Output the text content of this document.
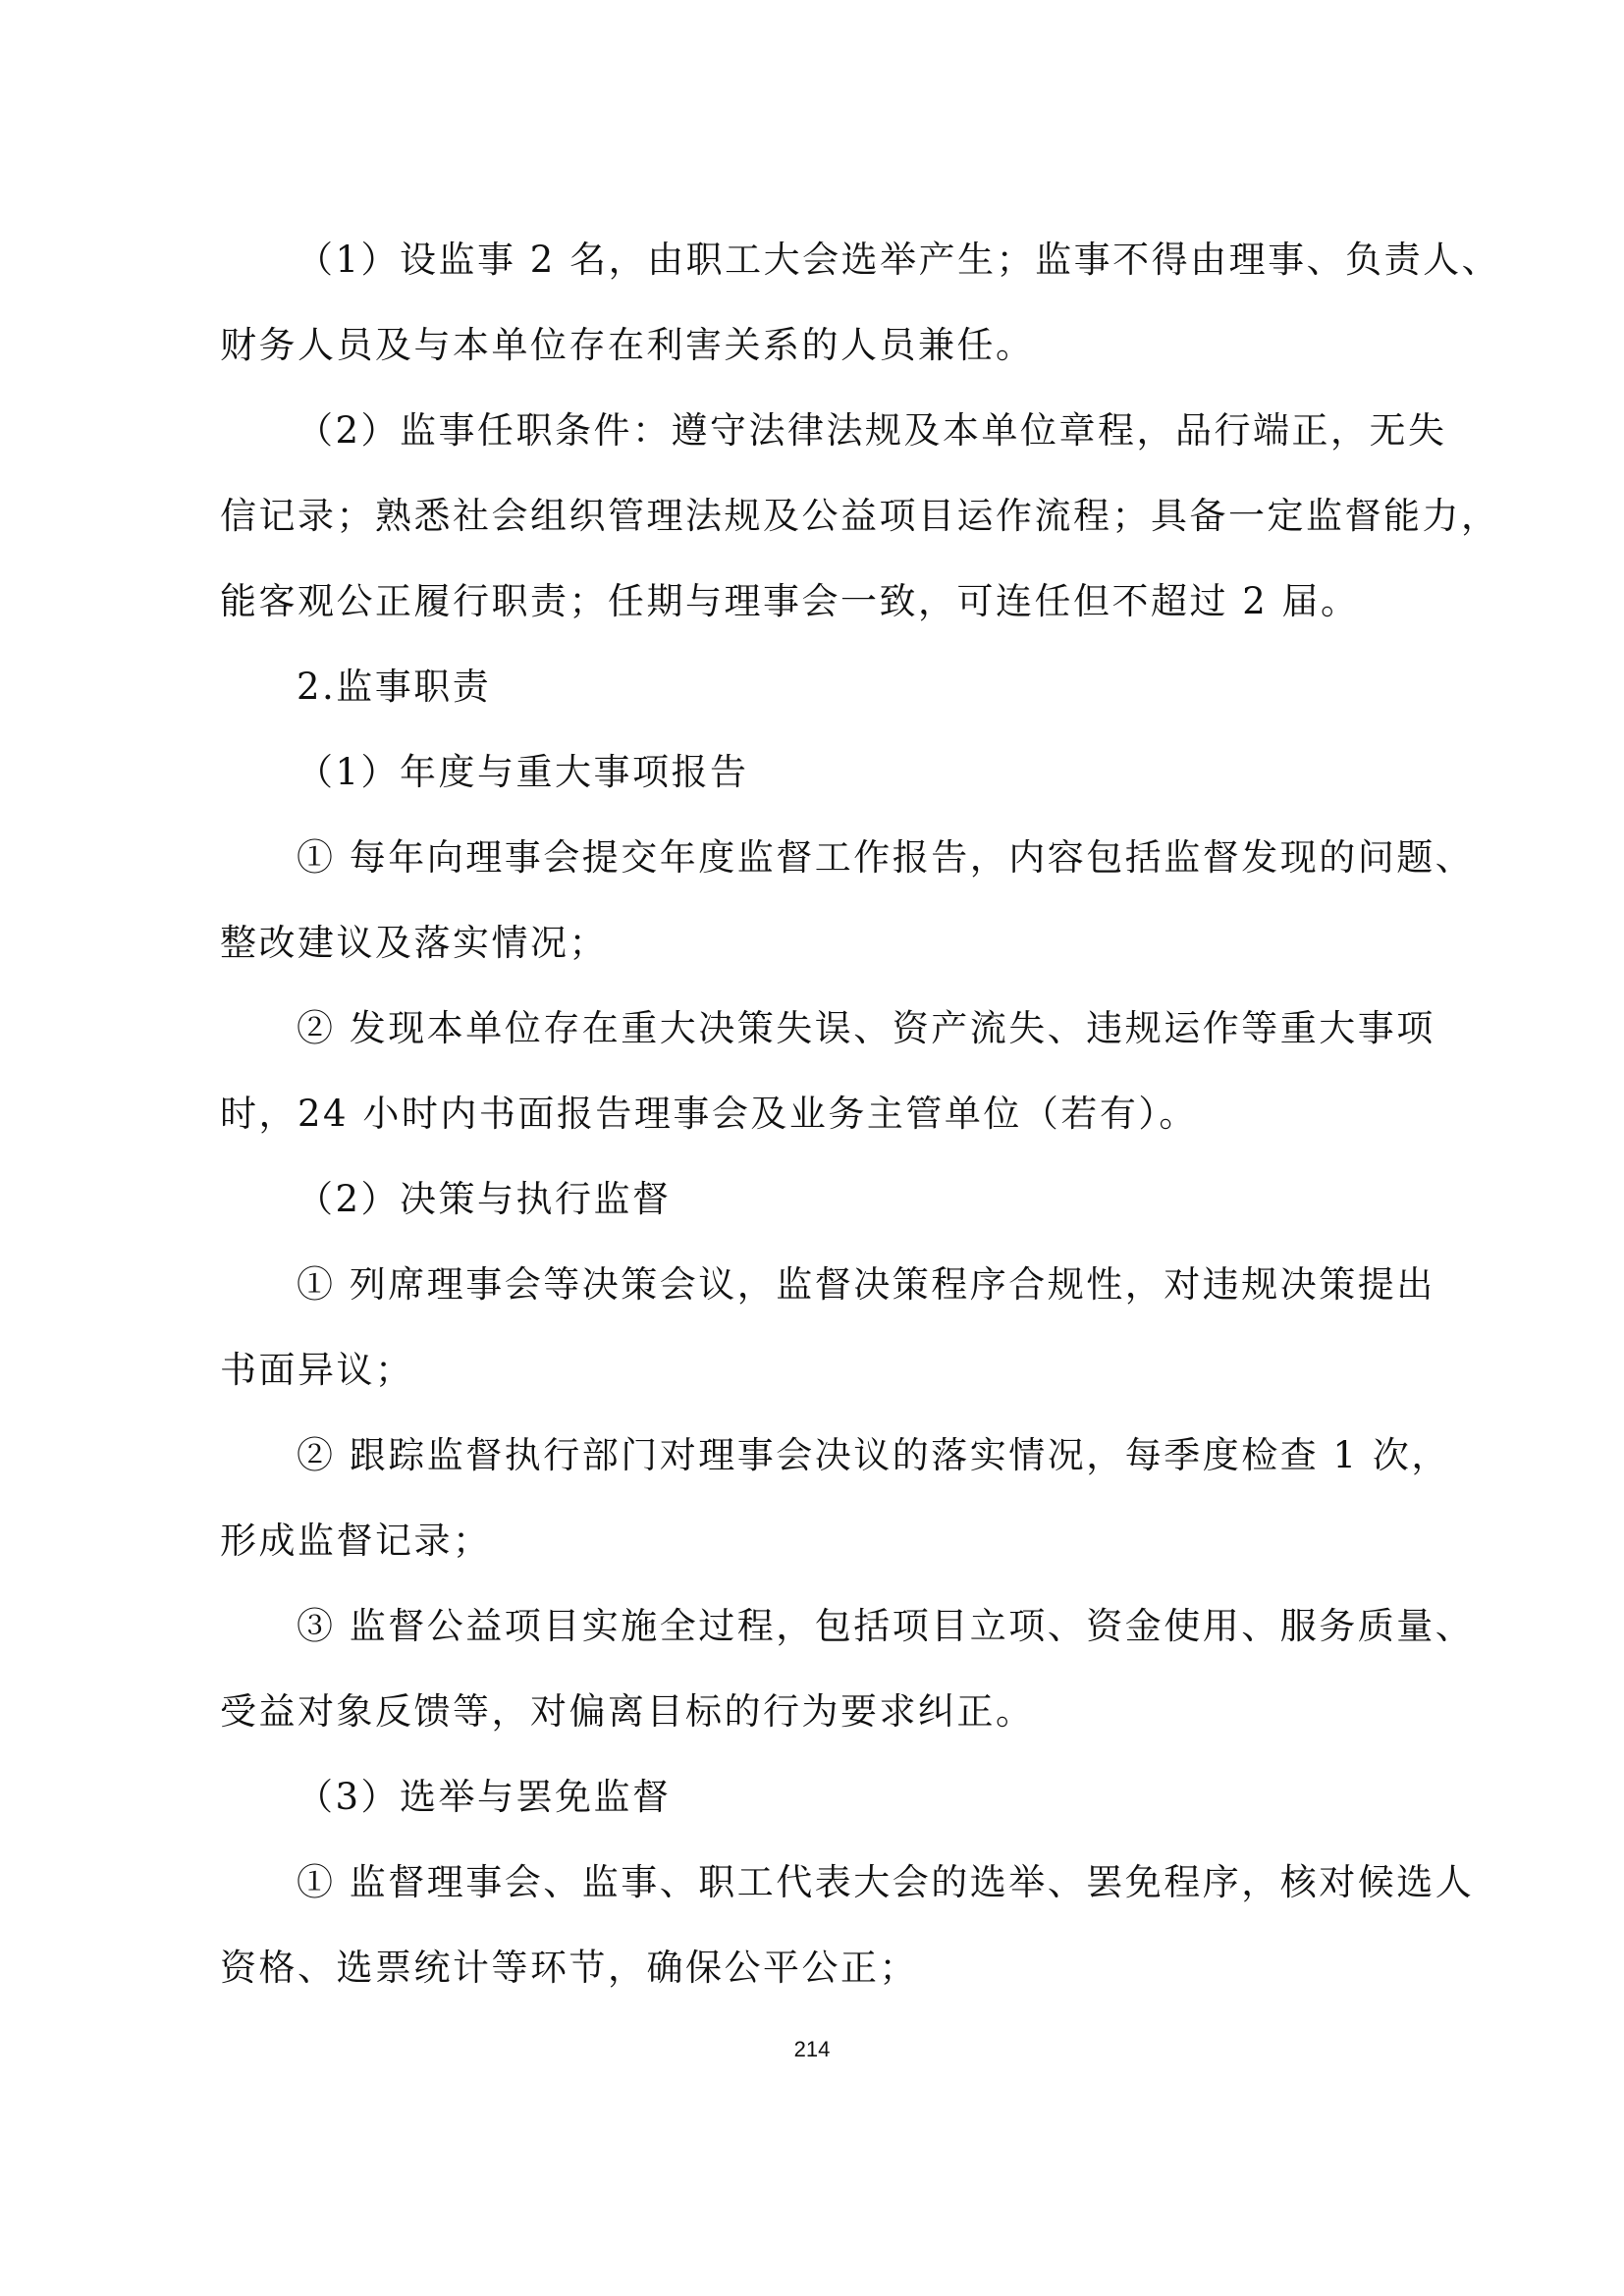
（1）设监事 2 名，由职工大会选举产生；监事不得由理事、负责人、
财务人员及与本单位存在利害关系的人员兼任。
（2）监事任职条件：遵守法律法规及本单位章程，品行端正，无失
信记录；熟悉社会组织管理法规及公益项目运作流程；具备一定监督能力，
能客观公正履行职责；任期与理事会一致，可连任但不超过 2 届。
2.监事职责
（1）年度与重大事项报告
① 每年向理事会提交年度监督工作报告，内容包括监督发现的问题、
整改建议及落实情况；
② 发现本单位存在重大决策失误、资产流失、违规运作等重大事项
时，24 小时内书面报告理事会及业务主管单位（若有）。
（2）决策与执行监督
① 列席理事会等决策会议，监督决策程序合规性，对违规决策提出
书面异议；
② 跟踪监督执行部门对理事会决议的落实情况，每季度检查 1 次，
形成监督记录；
③ 监督公益项目实施全过程，包括项目立项、资金使用、服务质量、
受益对象反馈等，对偏离目标的行为要求纠正。
（3）选举与罢免监督
① 监督理事会、监事、职工代表大会的选举、罢免程序，核对候选人
资格、选票统计等环节，确保公平公正；
214
